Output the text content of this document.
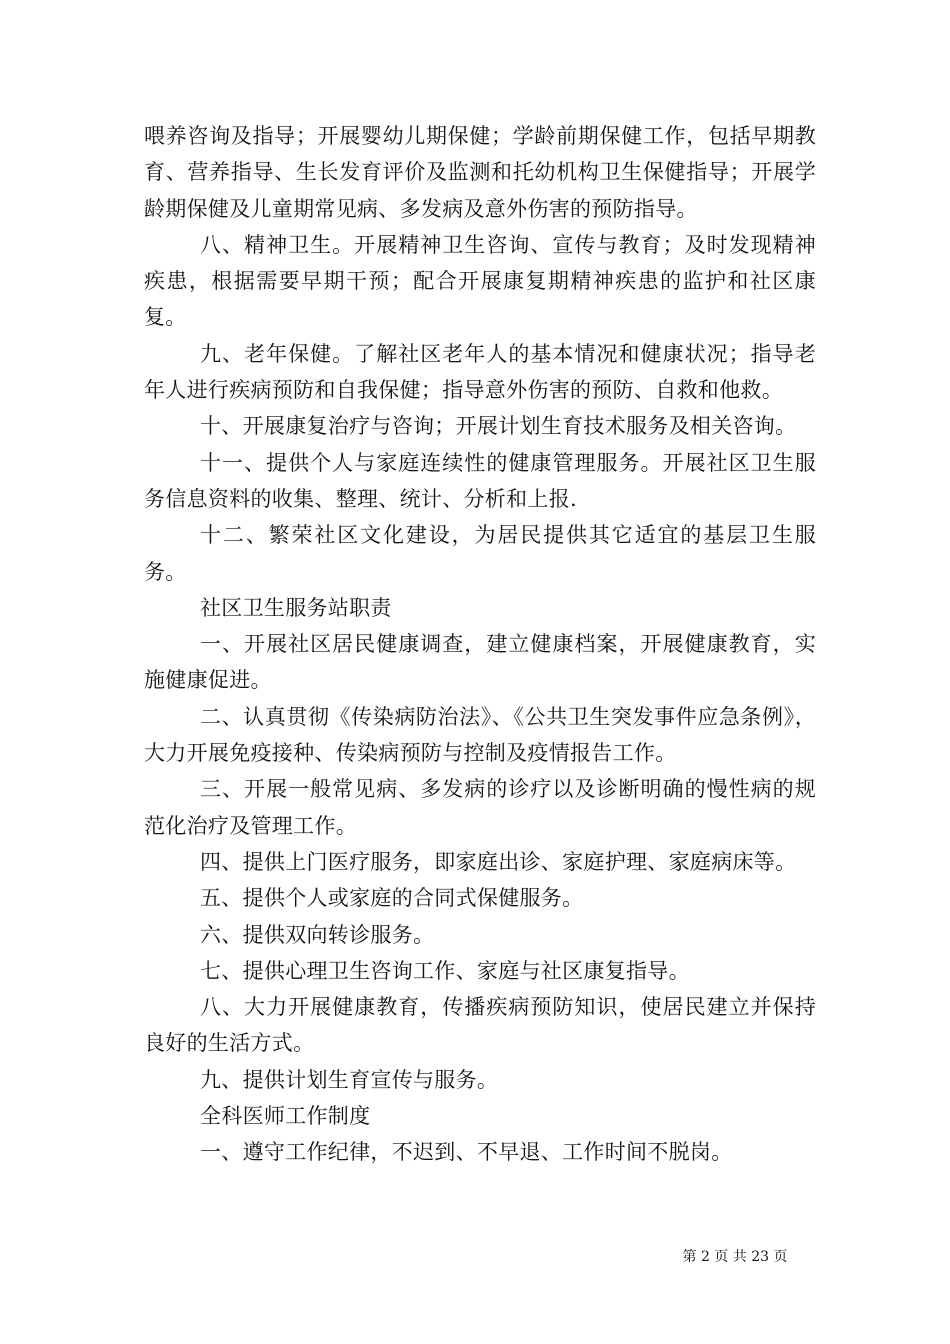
喂养咨询及指导；开展婴幼儿期保健；学龄前期保健工作，包括早期教育、营养指导、生长发育评价及监测和托幼机构卫生保健指导；开展学龄期保健及儿童期常见病、多发病及意外伤害的预防指导。

八、精神卫生。开展精神卫生咨询、宣传与教育；及时发现精神疾患，根据需要早期干预；配合开展康复期精神疾患的监护和社区康复。

九、老年保健。了解社区老年人的基本情况和健康状况；指导老年人进行疾病预防和自我保健；指导意外伤害的预防、自救和他救。

十、开展康复治疗与咨询；开展计划生育技术服务及相关咨询。

十一、提供个人与家庭连续性的健康管理服务。开展社区卫生服务信息资料的收集、整理、统计、分析和上报.

十二、繁荣社区文化建设，为居民提供其它适宜的基层卫生服务。

社区卫生服务站职责

一、开展社区居民健康调查，建立健康档案，开展健康教育，实施健康促进。

二、认真贯彻《传染病防治法》、《公共卫生突发事件应急条例》，大力开展免疫接种、传染病预防与控制及疫情报告工作。

三、开展一般常见病、多发病的诊疗以及诊断明确的慢性病的规范化治疗及管理工作。

四、提供上门医疗服务，即家庭出诊、家庭护理、家庭病床等。

五、提供个人或家庭的合同式保健服务。

六、提供双向转诊服务。

七、提供心理卫生咨询工作、家庭与社区康复指导。

八、大力开展健康教育，传播疾病预防知识，使居民建立并保持良好的生活方式。

九、提供计划生育宣传与服务。

全科医师工作制度

一、遵守工作纪律，不迟到、不早退、工作时间不脱岗。

第 2 页 共 23 页
